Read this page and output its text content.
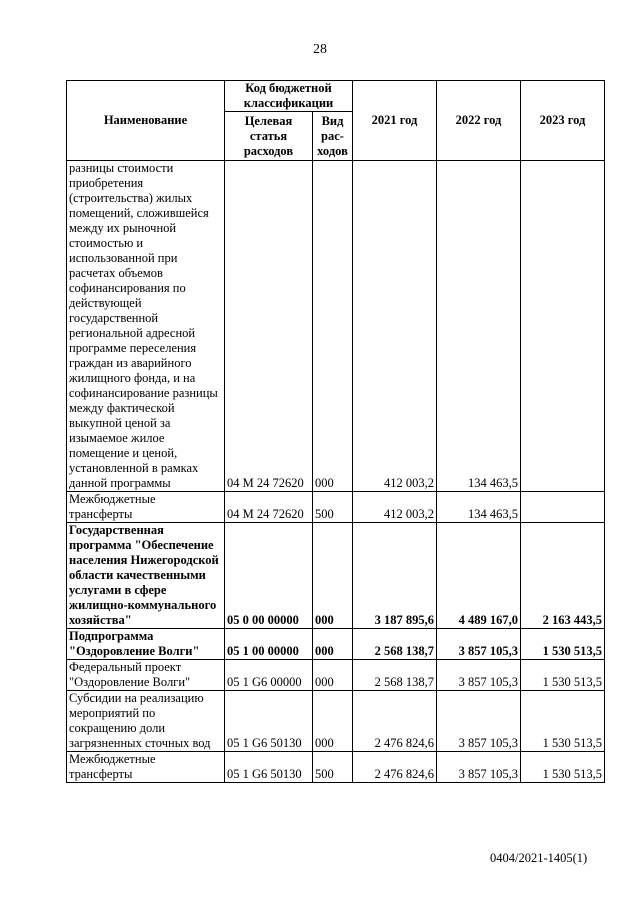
28
Наименование	Код бюджетной классификации		2021 год	2022 год	2023 год
	Целевая статья расходов	Вид рас-ходов			
разницы стоимости приобретения (строительства) жилых помещений, сложившейся между их рыночной стоимостью и использованной при расчетах объемов софинансирования по действующей государственной региональной адресной программе переселения граждан из аварийного жилищного фонда, и на софинансирование разницы между фактической выкупной ценой за изымаемое жилое помещение и ценой, установленной в рамках данной программы	04 М 24 72620	000	412 003,2	134 463,5	
Межбюджетные трансферты	04 М 24 72620	500	412 003,2	134 463,5	
Государственная программа "Обеспечение населения Нижегородской области качественными услугами в сфере жилищно-коммунального хозяйства"	05 0 00 00000	000	3 187 895,6	4 489 167,0	2 163 443,5
Подпрограмма "Оздоровление Волги"	05 1 00 00000	000	2 568 138,7	3 857 105,3	1 530 513,5
Федеральный проект "Оздоровление Волги"	05 1 G6 00000	000	2 568 138,7	3 857 105,3	1 530 513,5
Субсидии на реализацию мероприятий по сокращению доли загрязненных сточных вод	05 1 G6 50130	000	2 476 824,6	3 857 105,3	1 530 513,5
Межбюджетные трансферты	05 1 G6 50130	500	2 476 824,6	3 857 105,3	1 530 513,5
0404/2021-1405(1)
